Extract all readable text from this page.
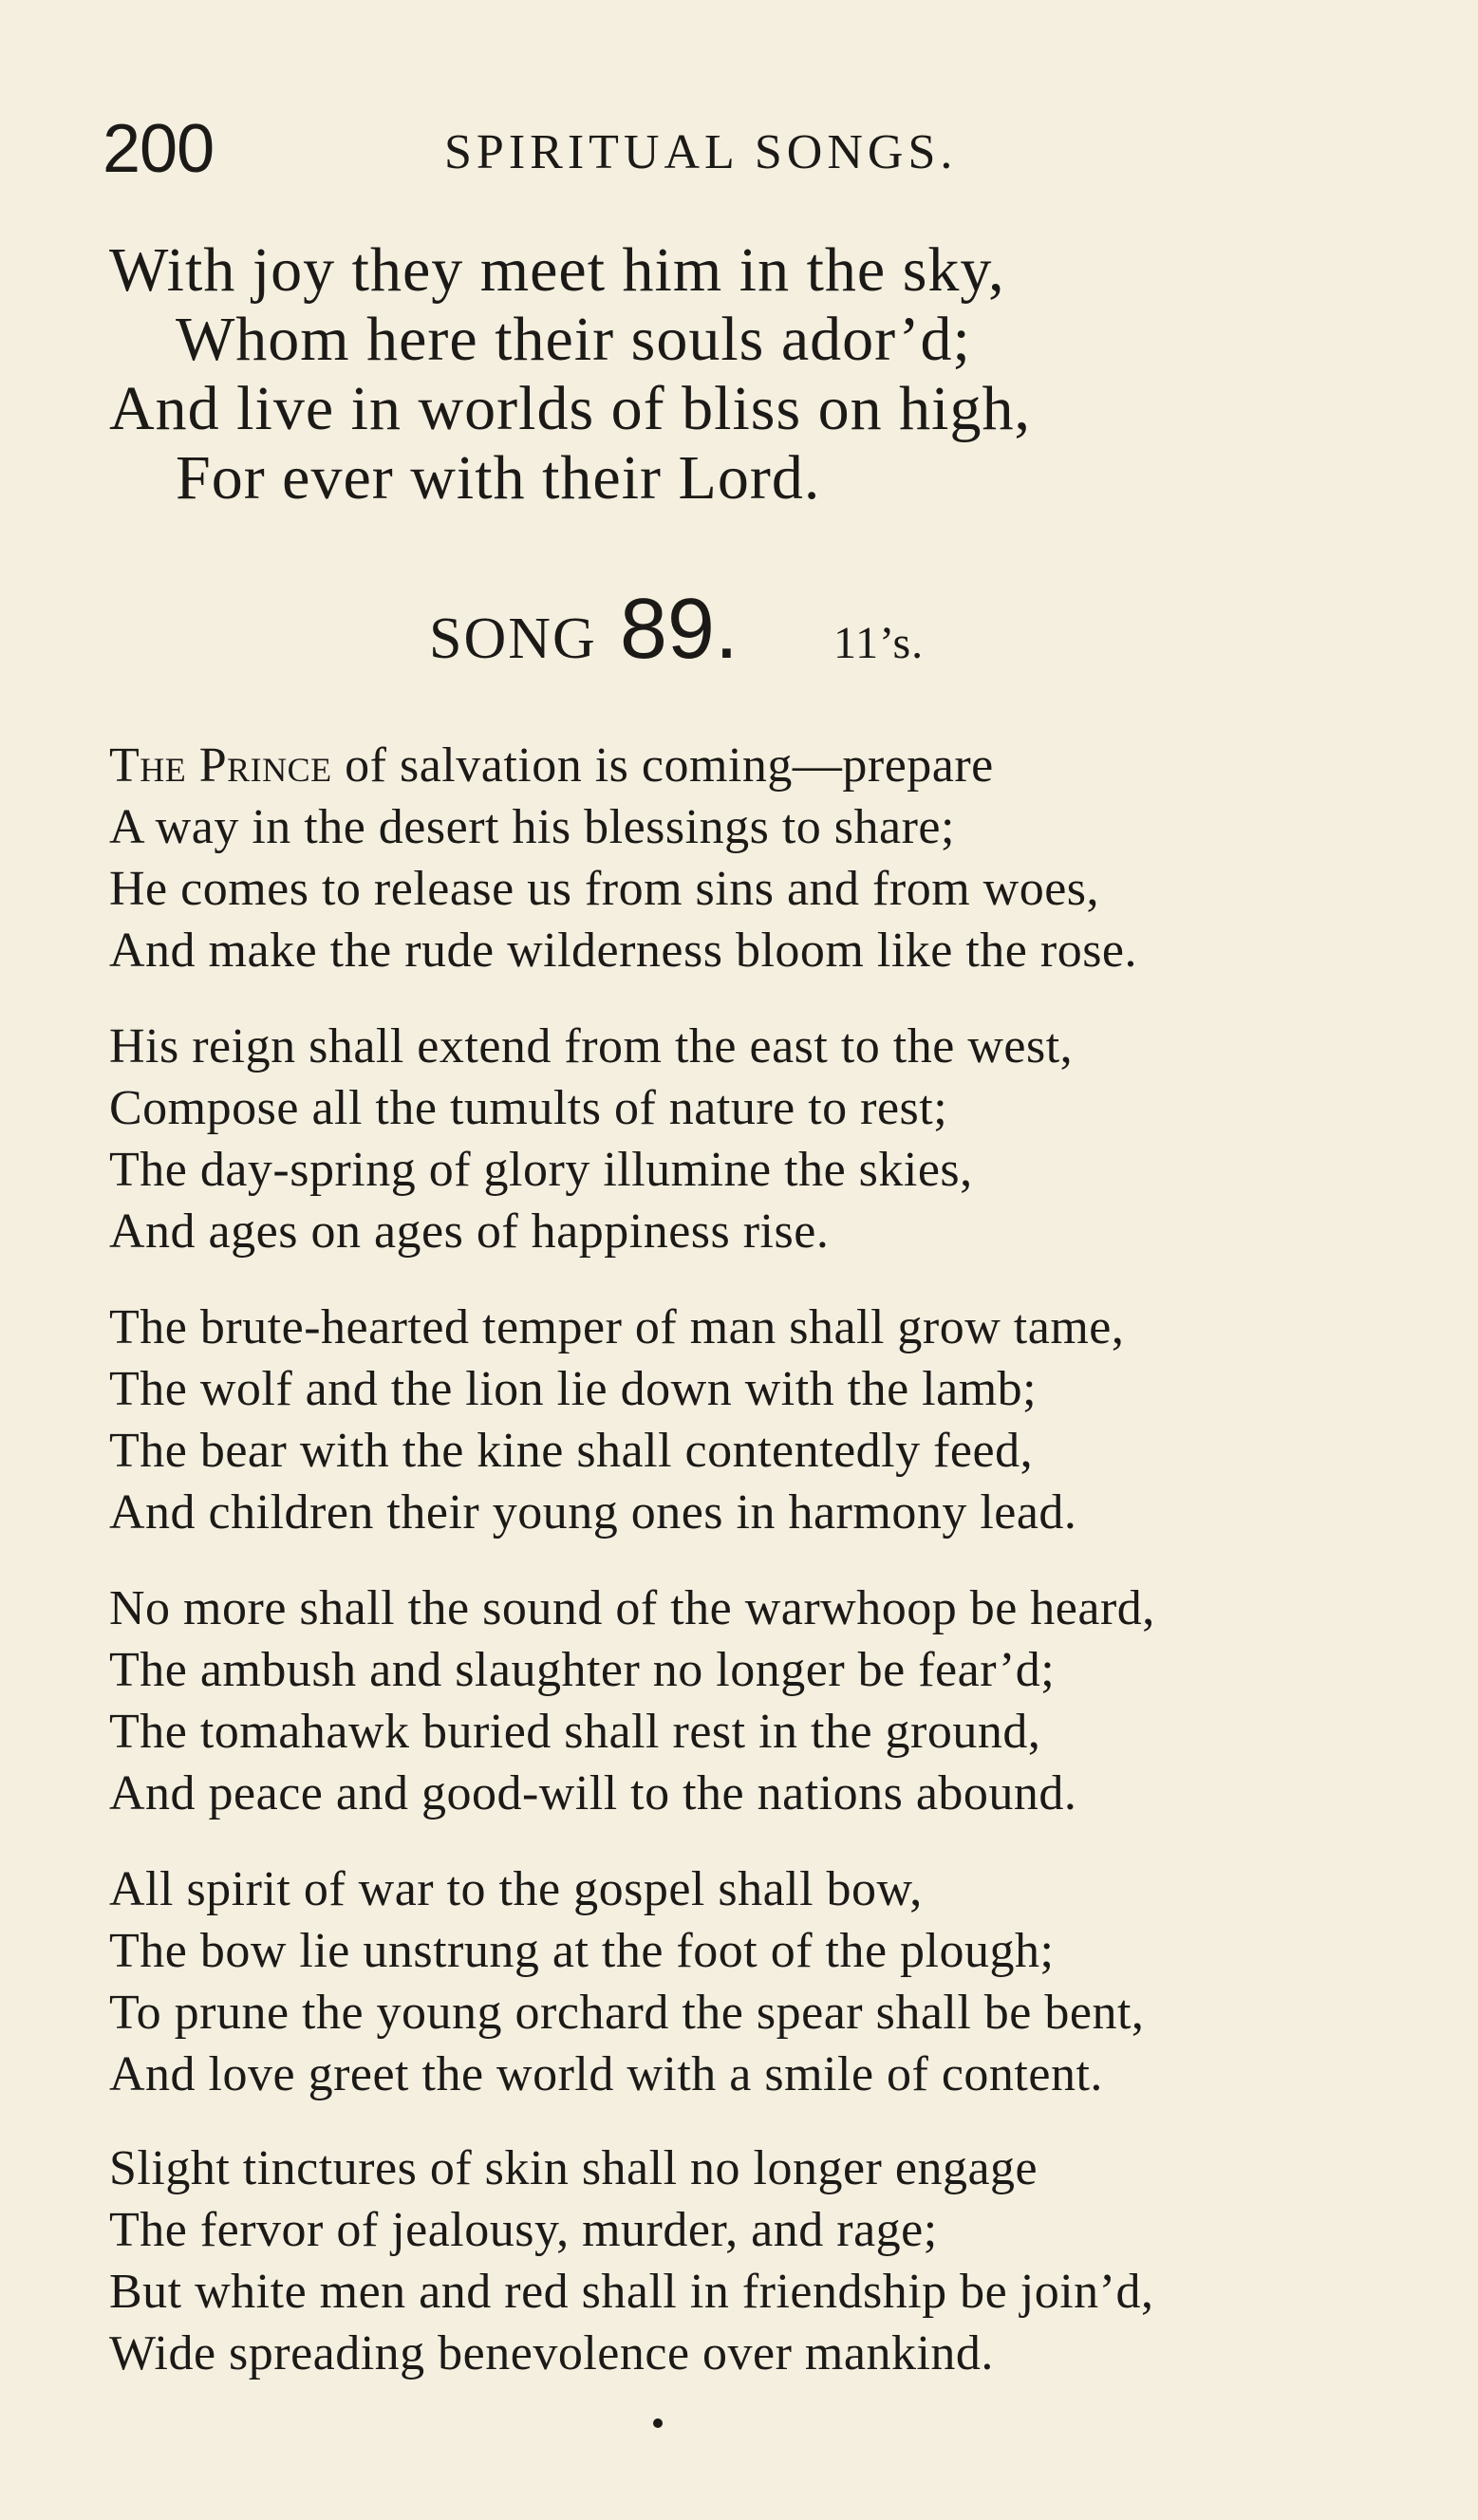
200	SPIRITUAL SONGS.
With joy they meet him in the sky,
Whom here their souls ador’d;
And live in worlds of bliss on high,
For ever with their Lord.
SONG 89. 11’s.
The Prince of salvation is coming—prepare
A way in the desert his blessings to share;
He comes to release us from sins and from woes,
And make the rude wilderness bloom like the rose.
His reign shall extend from the east to the west,
Compose all the tumults of nature to rest;
The day-spring of glory illumine the skies,
And ages on ages of happiness rise.
The brute-hearted temper of man shall grow tame,
The wolf and the lion lie down with the lamb;
The bear with the kine shall contentedly feed,
And children their young ones in harmony lead.
No more shall the sound of the warwhoop be heard,
The ambush and slaughter no longer be fear’d;
The tomahawk buried shall rest in the ground,
And peace and good-will to the nations abound.
All spirit of war to the gospel shall bow,
The bow lie unstrung at the foot of the plough;
To prune the young orchard the spear shall be bent,
And love greet the world with a smile of content.
Slight tinctures of skin shall no longer engage
The fervor of jealousy, murder, and rage;
But white men and red shall in friendship be join’d,
Wide spreading benevolence over mankind.
